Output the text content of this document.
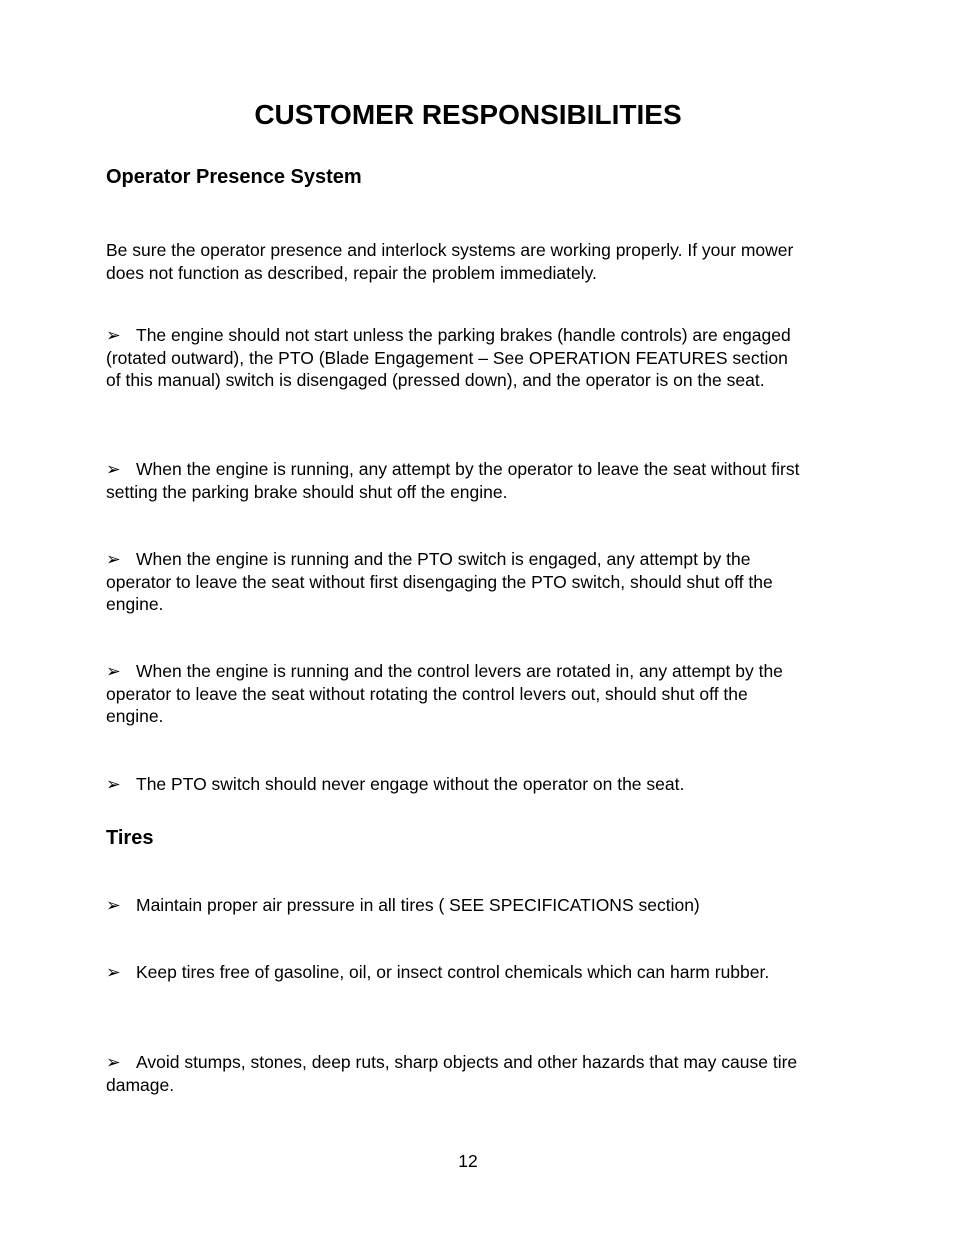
CUSTOMER RESPONSIBILITIES
Operator Presence System

Be sure the operator presence and interlock systems are working properly. If your mower does not function as described, repair the problem immediately.

➢ The engine should not start unless the parking brakes (handle controls) are engaged (rotated outward), the PTO (Blade Engagement – See OPERATION FEATURES section of this manual) switch is disengaged (pressed down), and the operator is on the seat.

➢ When the engine is running, any attempt by the operator to leave the seat without first setting the parking brake should shut off the engine.

➢ When the engine is running and the PTO switch is engaged, any attempt by the operator to leave the seat without first disengaging the PTO switch, should shut off the engine.

➢ When the engine is running and the control levers are rotated in, any attempt by the operator to leave the seat without rotating the control levers out, should shut off the engine.

➢ The PTO switch should never engage without the operator on the seat.

Tires

➢ Maintain proper air pressure in all tires ( SEE SPECIFICATIONS section)

➢ Keep tires free of gasoline, oil, or insect control chemicals which can harm rubber.

➢ Avoid stumps, stones, deep ruts, sharp objects and other hazards that may cause tire damage.

12
